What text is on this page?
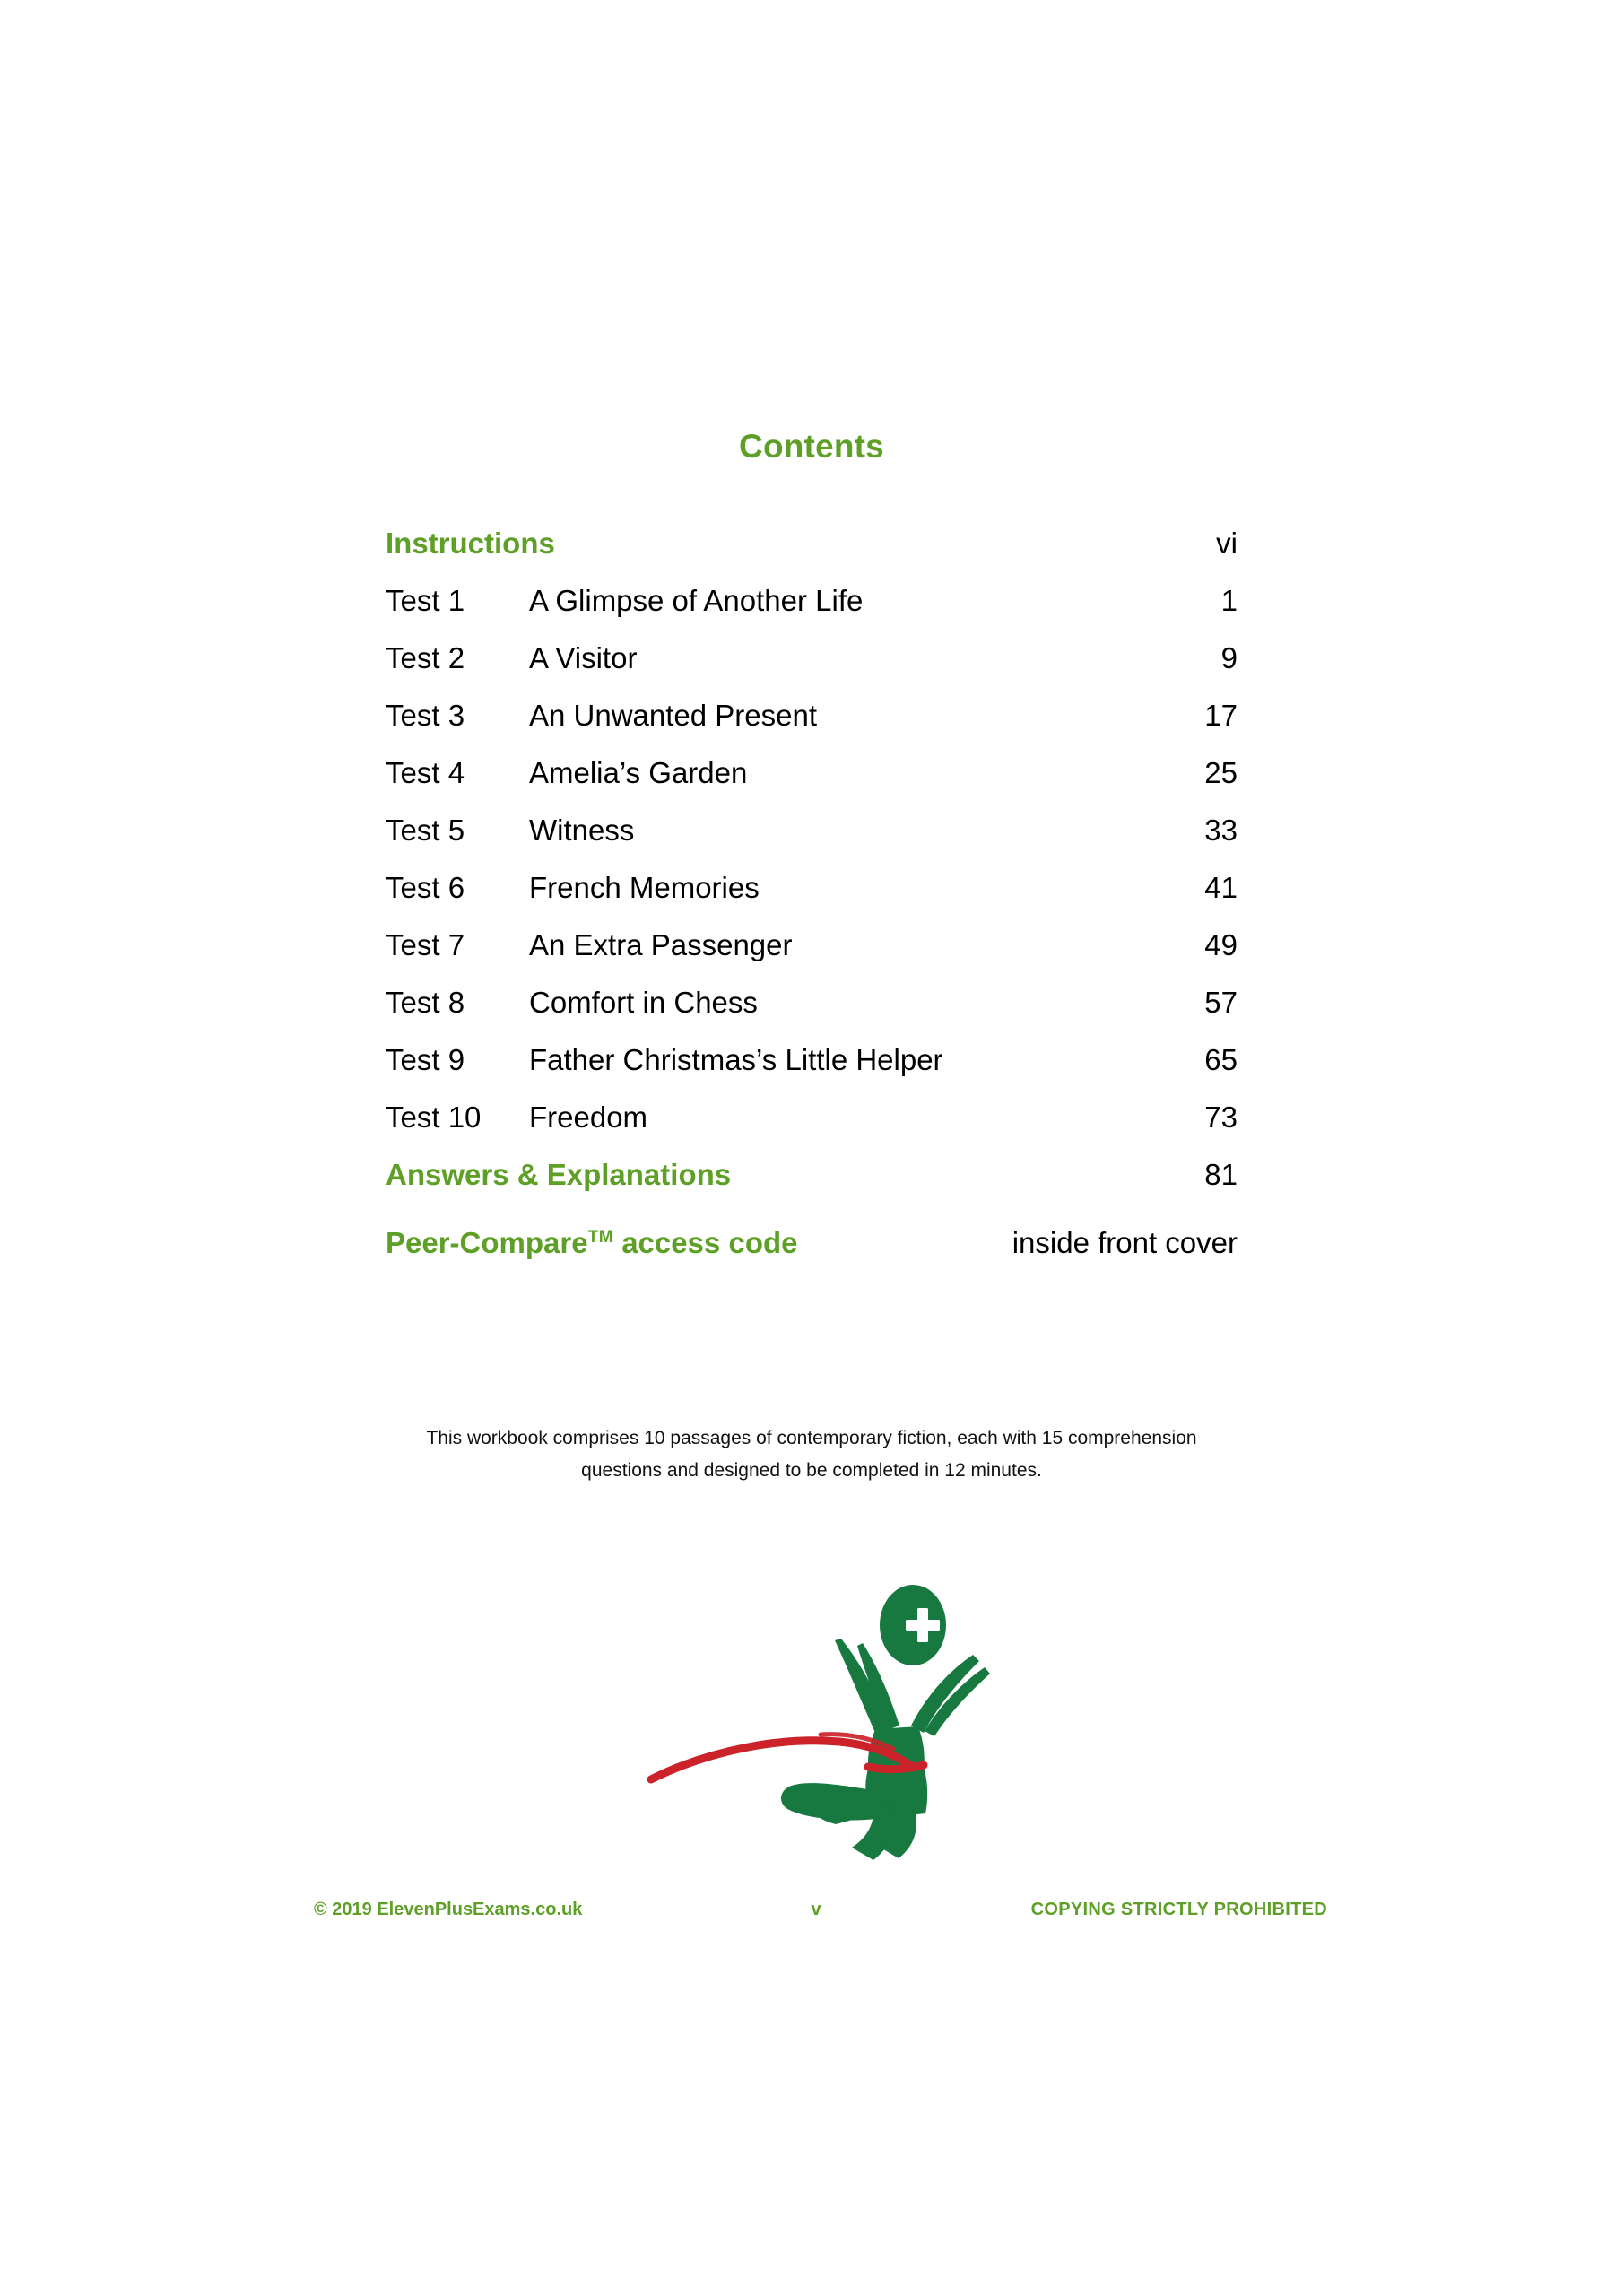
Contents
Instructions	vi
Test 1	A Glimpse of Another Life	1
Test 2	A Visitor	9
Test 3	An Unwanted Present	17
Test 4	Amelia’s Garden	25
Test 5	Witness	33
Test 6	French Memories	41
Test 7	An Extra Passenger	49
Test 8	Comfort in Chess	57
Test 9	Father Christmas’s Little Helper	65
Test 10	Freedom	73
Answers & Explanations	81
Peer-Compare™ access code	inside front cover
This workbook comprises 10 passages of contemporary fiction, each with 15 comprehension questions and designed to be completed in 12 minutes.
© 2019 ElevenPlusExams.co.uk	v	COPYING STRICTLY PROHIBITED
